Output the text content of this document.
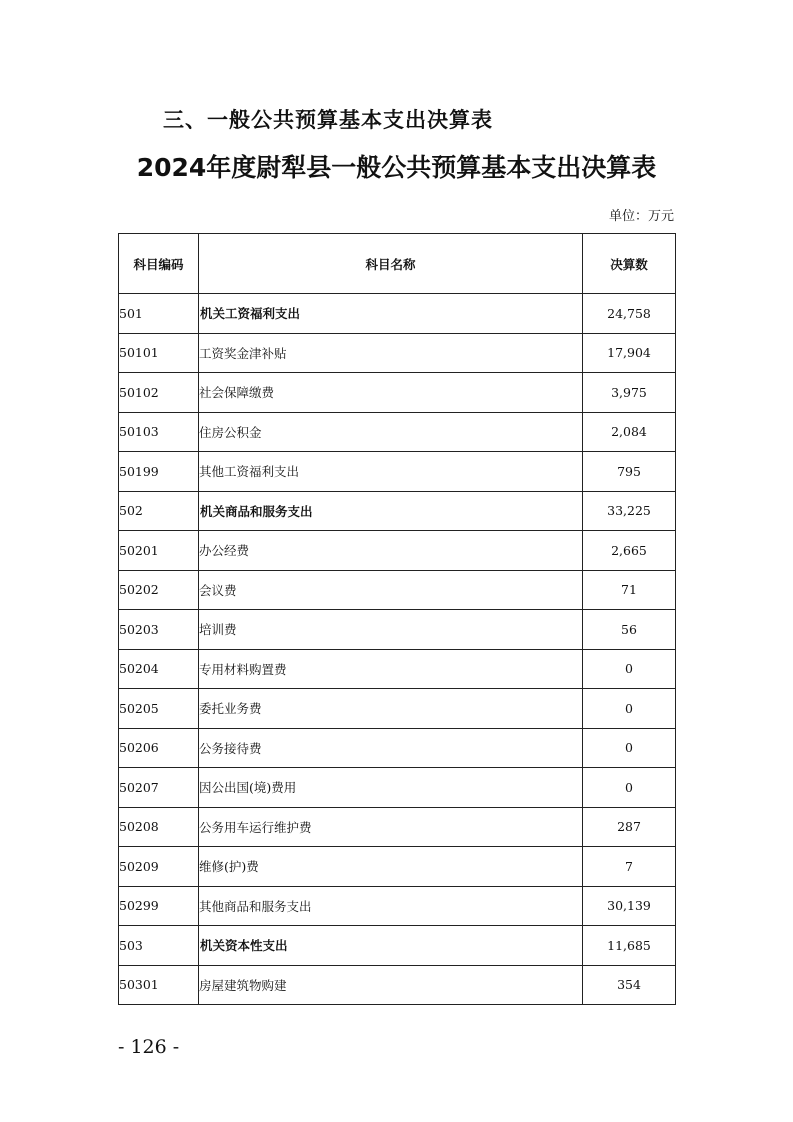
三、一般公共预算基本支出决算表
2024年度尉犁县一般公共预算基本支出决算表
单位：万元
科目编码	科目名称	决算数
501	机关工资福利支出	24,758
50101	工资奖金津补贴	17,904
50102	社会保障缴费	3,975
50103	住房公积金	2,084
50199	其他工资福利支出	795
502	机关商品和服务支出	33,225
50201	办公经费	2,665
50202	会议费	71
50203	培训费	56
50204	专用材料购置费	0
50205	委托业务费	0
50206	公务接待费	0
50207	因公出国(境)费用	0
50208	公务用车运行维护费	287
50209	维修(护)费	7
50299	其他商品和服务支出	30,139
503	机关资本性支出	11,685
50301	房屋建筑物购建	354
- 126 -
